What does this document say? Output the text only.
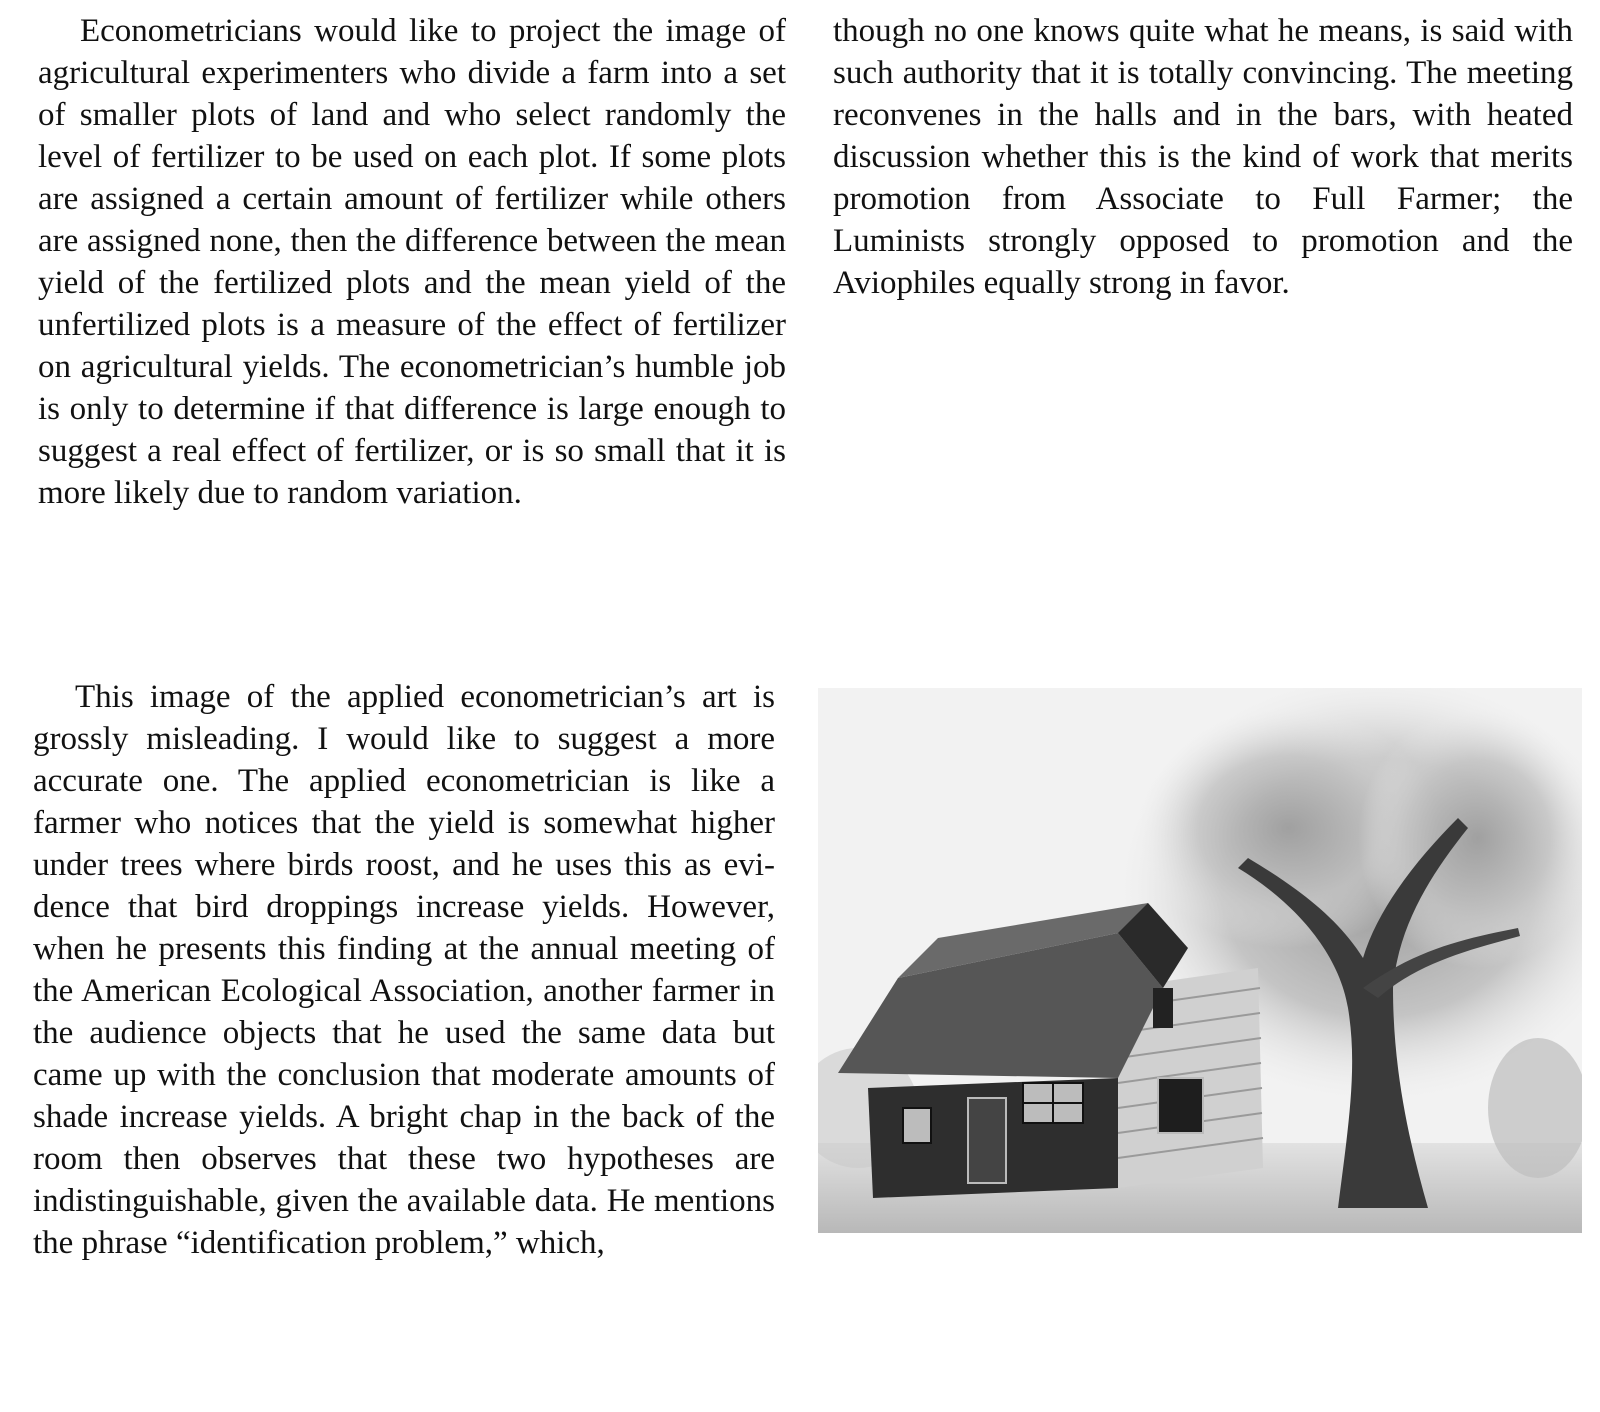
Econometricians would like to project the image of agricultural experimenters who divide a farm into a set of smaller plots of land and who select randomly the level of fertilizer to be used on each plot. If some plots are assigned a certain amount of fertilizer while others are assigned none, then the difference between the mean yield of the fertilized plots and the mean yield of the unfertilized plots is a measure of the effect of fertilizer on agricultural yields. The econometrician’s humble job is only to determine if that difference is large enough to suggest a real effect of fertilizer, or is so small that it is more likely due to random variation.

This image of the applied econometrician’s art is grossly misleading. I would like to suggest a more accurate one. The applied econometrician is like a farmer who notices that the yield is somewhat higher under trees where birds roost, and he uses this as evidence that bird droppings increase yields. However, when he presents this finding at the annual meeting of the American Ecological Association, another farmer in the audience objects that he used the same data but came up with the conclusion that moderate amounts of shade increase yields. A bright chap in the back of the room then observes that these two hypotheses are indistinguishable, given the available data. He mentions the phrase “identification problem,” which,

though no one knows quite what he means, is said with such authority that it is totally convincing. The meeting reconvenes in the halls and in the bars, with heated discussion whether this is the kind of work that merits promotion from Associate to Full Farmer; the Luminists strongly opposed to promotion and the Aviophiles equally strong in favor.
